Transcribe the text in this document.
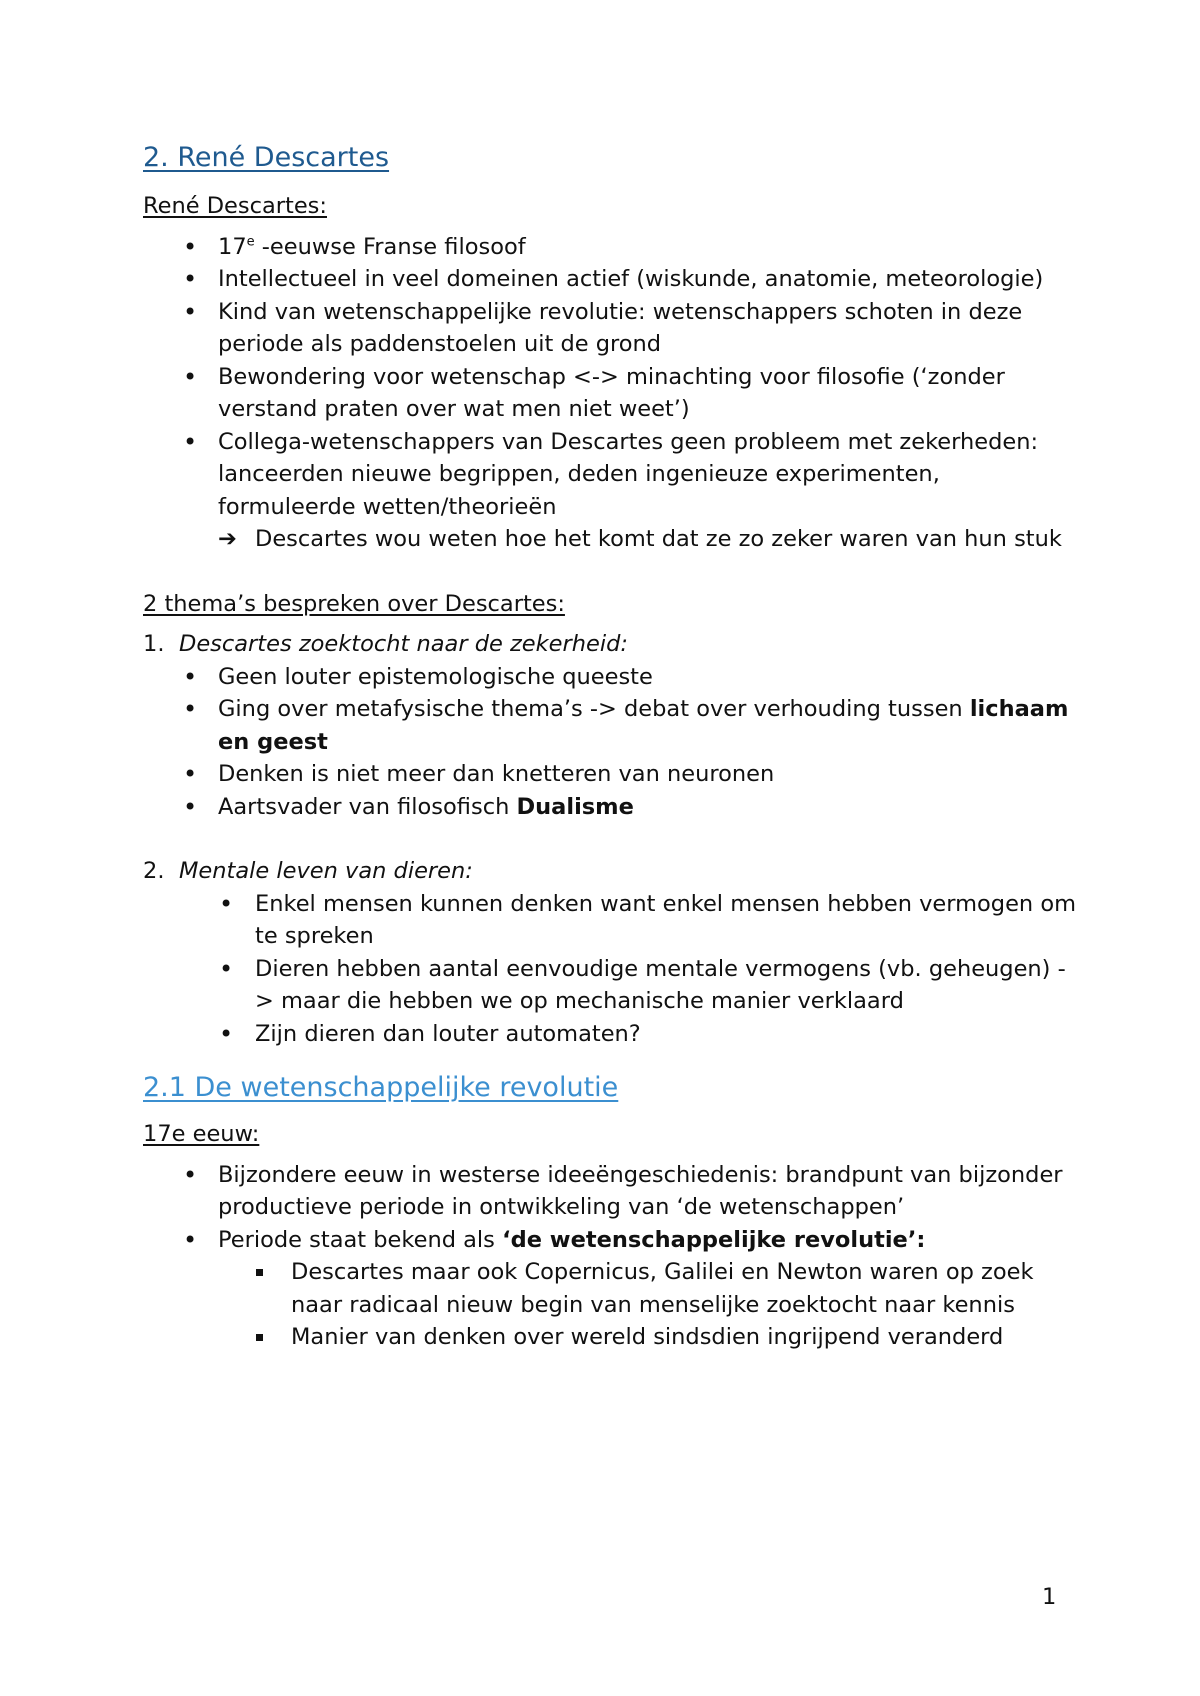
2. René Descartes
René Descartes:
• 17e -eeuwse Franse filosoof
• Intellectueel in veel domeinen actief (wiskunde, anatomie, meteorologie)
• Kind van wetenschappelijke revolutie: wetenschappers schoten in deze periode als paddenstoelen uit de grond
• Bewondering voor wetenschap <-> minachting voor filosofie (‘zonder verstand praten over wat men niet weet’)
• Collega-wetenschappers van Descartes geen probleem met zekerheden: lanceerden nieuwe begrippen, deden ingenieuze experimenten, formuleerde wetten/theorieën
➔ Descartes wou weten hoe het komt dat ze zo zeker waren van hun stuk
2 thema’s bespreken over Descartes:
1. Descartes zoektocht naar de zekerheid:
• Geen louter epistemologische queeste
• Ging over metafysische thema’s -> debat over verhouding tussen lichaam en geest
• Denken is niet meer dan knetteren van neuronen
• Aartsvader van filosofisch Dualisme
2. Mentale leven van dieren:
• Enkel mensen kunnen denken want enkel mensen hebben vermogen om te spreken
• Dieren hebben aantal eenvoudige mentale vermogens (vb. geheugen) -> maar die hebben we op mechanische manier verklaard
• Zijn dieren dan louter automaten?
2.1 De wetenschappelijke revolutie
17e eeuw:
• Bijzondere eeuw in westerse ideeëngeschiedenis: brandpunt van bijzonder productieve periode in ontwikkeling van ‘de wetenschappen’
• Periode staat bekend als ‘de wetenschappelijke revolutie’:
Descartes maar ook Copernicus, Galilei en Newton waren op zoek naar radicaal nieuw begin van menselijke zoektocht naar kennis
Manier van denken over wereld sindsdien ingrijpend veranderd
1
